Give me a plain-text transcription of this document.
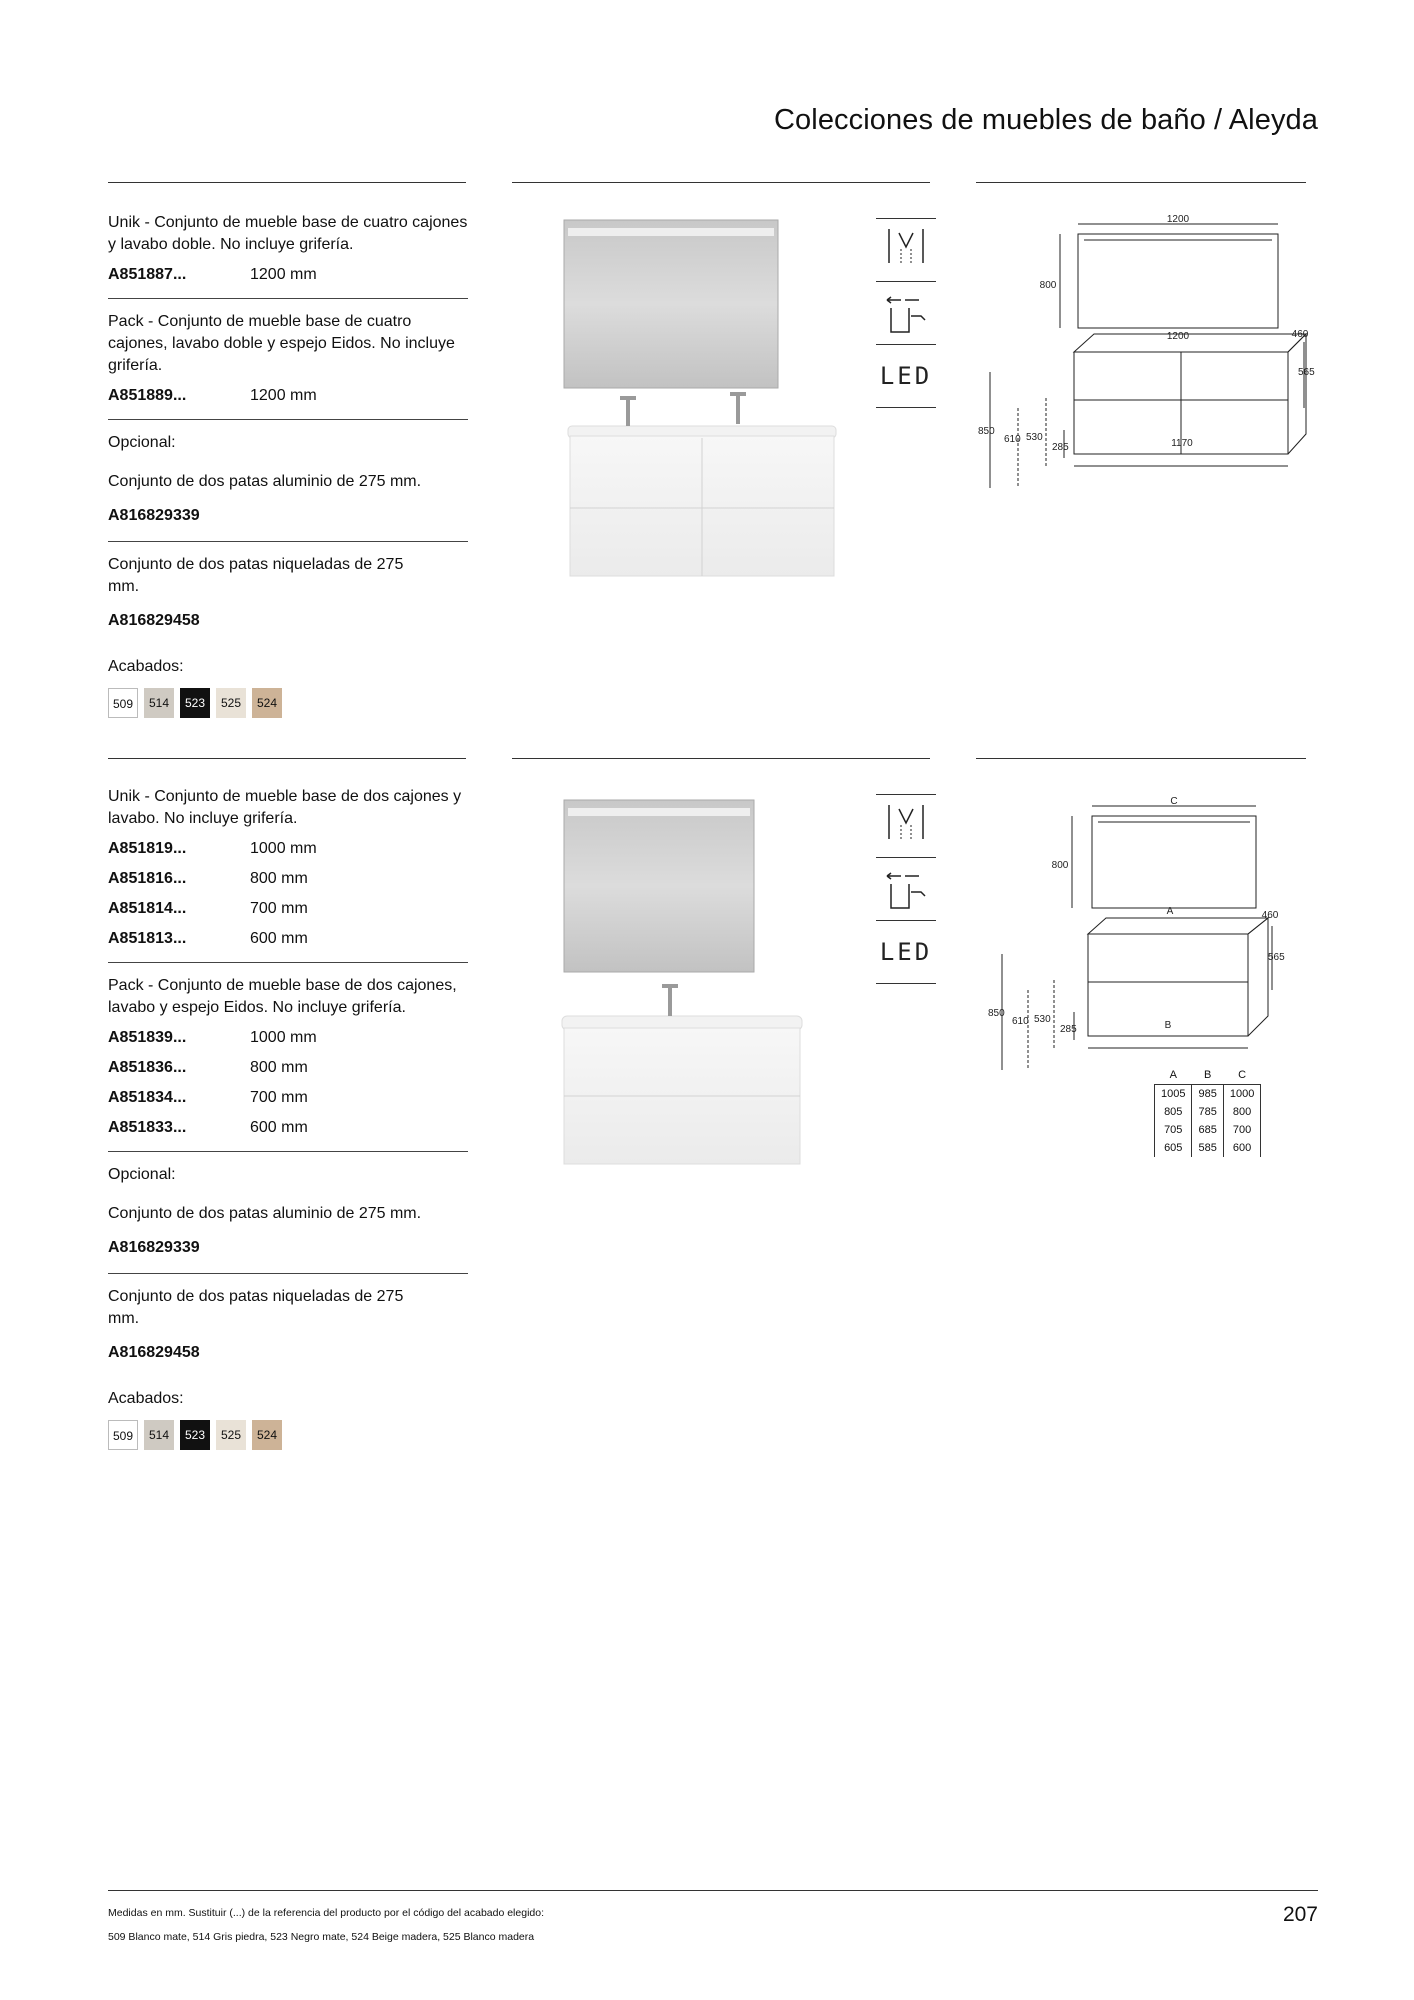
Colecciones de muebles de baño / Aleyda

Unik - Conjunto de mueble base de cuatro cajones y lavabo doble. No incluye grifería.

A851887...	1200 mm

Pack - Conjunto de mueble base de cuatro cajones, lavabo doble y espejo Eidos. No incluye grifería.

A851889...	1200 mm

Opcional:

Conjunto de dos patas aluminio de 275 mm.

A816829339

Conjunto de dos patas niqueladas de 275 mm.

A816829458

Acabados:

509	514	523	525	524
LED
1200
800
1200	460
565
850
610 530
285	1170

Unik - Conjunto de mueble base de dos cajones y lavabo. No incluye grifería.

A851819...	1000 mm
A851816...	800 mm
A851814...	700 mm
A851813...	600 mm

Pack - Conjunto de mueble base de dos cajones, lavabo y espejo Eidos. No incluye grifería.

A851839...	1000 mm
A851836...	800 mm
A851834...	700 mm
A851833...	600 mm

Opcional:

Conjunto de dos patas aluminio de 275 mm.

A816829339

Conjunto de dos patas niqueladas de 275 mm.

A816829458

Acabados:

509	514	523	525	524
LED
C
800
A	460
565
850
610 530
285	B
A	B	C
1005	985	1000
805	785	800
705	685	700
605	585	600
Medidas en mm. Sustituir (...) de la referencia del producto por el código del acabado elegido:
509 Blanco mate, 514 Gris piedra, 523 Negro mate, 524 Beige madera, 525 Blanco madera
207
